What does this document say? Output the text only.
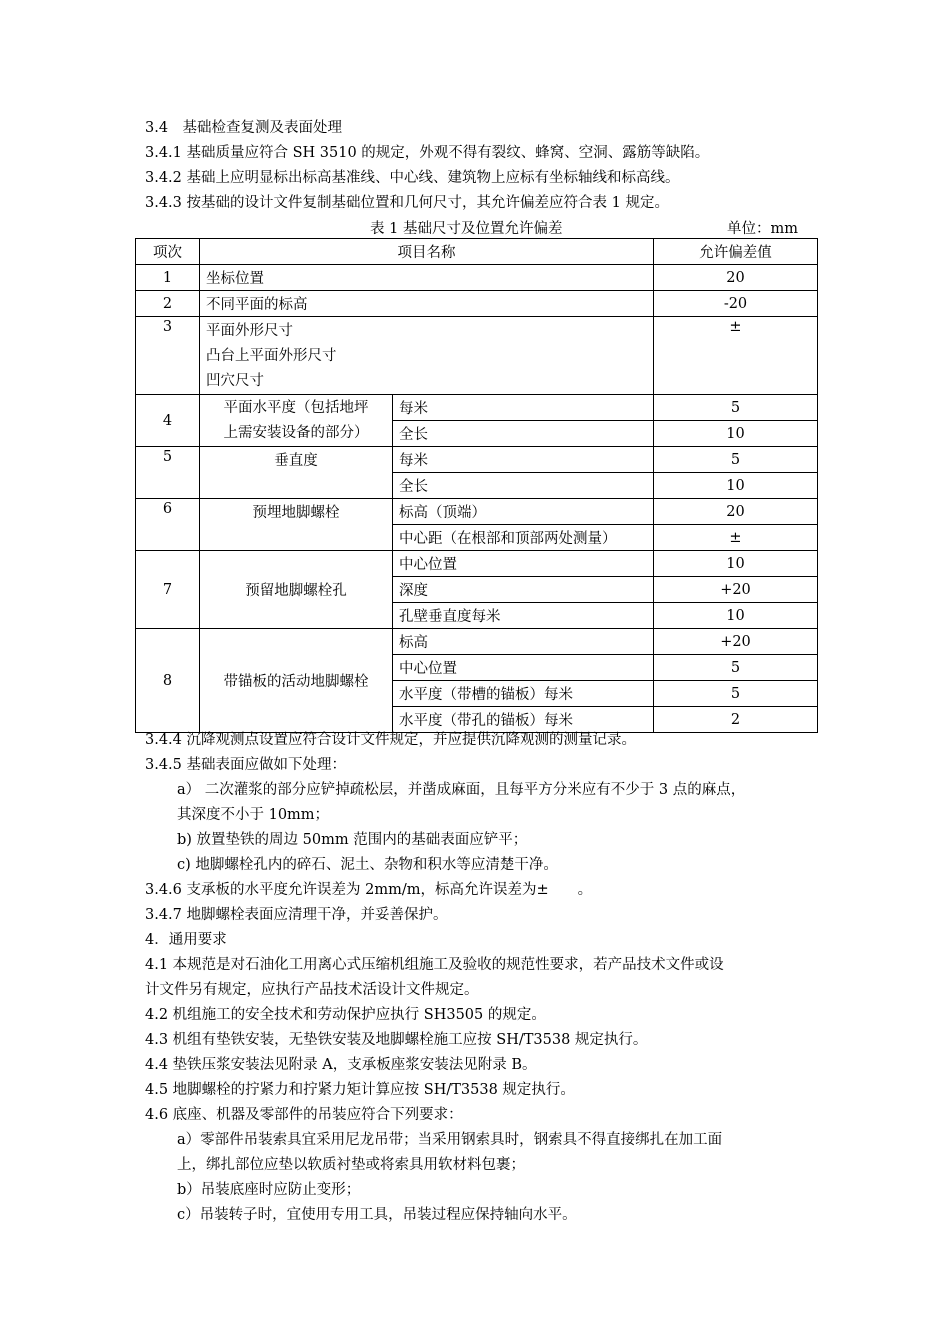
3.4　基础检查复测及表面处理
3.4.1 基础质量应符合 SH 3510 的规定，外观不得有裂纹、蜂窝、空洞、露筋等缺陷。
3.4.2 基础上应明显标出标高基准线、中心线、建筑物上应标有坐标轴线和标高线。
3.4.3 按基础的设计文件复制基础位置和几何尺寸，其允许偏差应符合表 1 规定。
表 1 基础尺寸及位置允许偏差	单位：mm
项次	项目名称		允许偏差值
1	坐标位置		20
2	不同平面的标高		-20
3	平面外形尺寸
凸台上平面外形尺寸
凹穴尺寸		±
4	平面水平度（包括地坪
上需安装设备的部分）	每米	5
		全长	10
5	垂直度	每米	5
		全长	10
6	预埋地脚螺栓	标高（顶端）	20
		中心距（在根部和顶部两处测量）	±
7	预留地脚螺栓孔	中心位置	10
		深度	+20
		孔壁垂直度每米	10
8	带锚板的活动地脚螺栓	标高	+20
		中心位置	5
		水平度（带槽的锚板）每米	5
		水平度（带孔的锚板）每米	2
3.4.4 沉降观测点设置应符合设计文件规定，并应提供沉降观测的测量记录。
3.4.5 基础表面应做如下处理：
a） 二次灌浆的部分应铲掉疏松层，并凿成麻面，且每平方分米应有不少于 3 点的麻点，
其深度不小于 10mm；
b) 放置垫铁的周边 50mm 范围内的基础表面应铲平；
c) 地脚螺栓孔内的碎石、泥土、杂物和积水等应清楚干净。
3.4.6 支承板的水平度允许误差为 2mm/m，标高允许误差为±　　。
3.4.7 地脚螺栓表面应清理干净，并妥善保护。
4．通用要求
4.1 本规范是对石油化工用离心式压缩机组施工及验收的规范性要求，若产品技术文件或设
计文件另有规定，应执行产品技术活设计文件规定。
4.2 机组施工的安全技术和劳动保护应执行 SH3505 的规定。
4.3 机组有垫铁安装，无垫铁安装及地脚螺栓施工应按 SH/T3538 规定执行。
4.4 垫铁压浆安装法见附录 A，支承板座浆安装法见附录 B。
4.5 地脚螺栓的拧紧力和拧紧力矩计算应按 SH/T3538 规定执行。
4.6 底座、机器及零部件的吊装应符合下列要求：
a）零部件吊装索具宜采用尼龙吊带；当采用钢索具时，钢索具不得直接绑扎在加工面
上，绑扎部位应垫以软质衬垫或将索具用软材料包裹；
b）吊装底座时应防止变形；
c）吊装转子时，宜使用专用工具，吊装过程应保持轴向水平。
